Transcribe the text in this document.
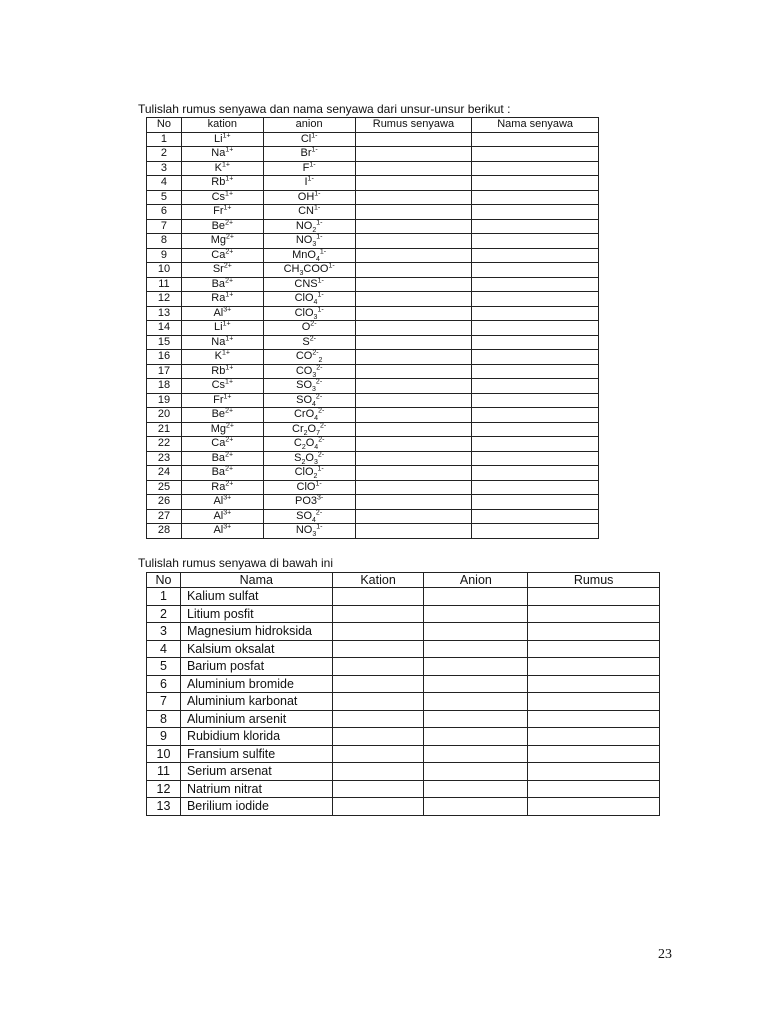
Tulislah rumus senyawa dan nama senyawa dari unsur-unsur berikut :
No	kation	anion	Rumus senyawa	Nama senyawa
1	$Li^{1+}$	$Cl^{1-}$		
2	$Na^{1+}$	$Br^{1-}$		
3	$K^{1+}$	$F^{1-}$		
4	$Rb^{1+}$	$I^{1-}$		
5	$Cs^{1+}$	$OH^{1-}$		
6	$Fr^{1+}$	$CN^{1-}$		
7	$Be^{2+}$	$NO_2^{1-}$		
8	$Mg^{2+}$	$NO_3^{1-}$		
9	$Ca^{2+}$	MnO$_4^{1-}$		
10	$Sr^{2+}$	$CH_3COO^{1-}$		
11	$Ba^{2+}$	$CNS^{1-}$		
12	$Ra^{1+}$	ClO$_4^{1-}$		
13	$Al^{3+}$	ClO$_3^{1-}$		
14	$Li^{1+}$	$O^{2-}$		
15	$Na^{1+}$	$S^{2-}$		
16	$K^{1+}$	$CO^{2-}_2$		
17	$Rb^{1+}$	$CO_3^{2-}$		
18	$Cs^{1+}$	$SO_3^{2-}$		
19	$Fr^{1+}$	$SO_4^{2-}$		
20	$Be^{2+}$	CrO$_4^{2-}$		
21	$Mg^{2+}$	$Cr_2O_7^{2-}$		
22	$Ca^{2+}$	$C_2O_4^{2-}$		
23	$Ba^{2+}$	$S_2O_3^{2-}$		
24	$Ba^{2+}$	ClO$_2^{1-}$		
25	$Ra^{2+}$	ClO$^{1-}$		
26	$Al^{3+}$	$PO3^{3-}$		
27	$Al^{3+}$	$SO_4^{2-}$		
28	$Al^{3+}$	$NO_3^{1-}$		
Tulislah rumus senyawa di bawah ini
No	Nama	Kation	Anion	Rumus
1	Kalium sulfat			
2	Litium posfit			
3	Magnesium hidroksida			
4	Kalsium oksalat			
5	Barium posfat			
6	Aluminium bromide			
7	Aluminium karbonat			
8	Aluminium arsenit			
9	Rubidium klorida			
10	Fransium sulfite			
11	Serium arsenat			
12	Natrium nitrat			
13	Berilium iodide			
23
